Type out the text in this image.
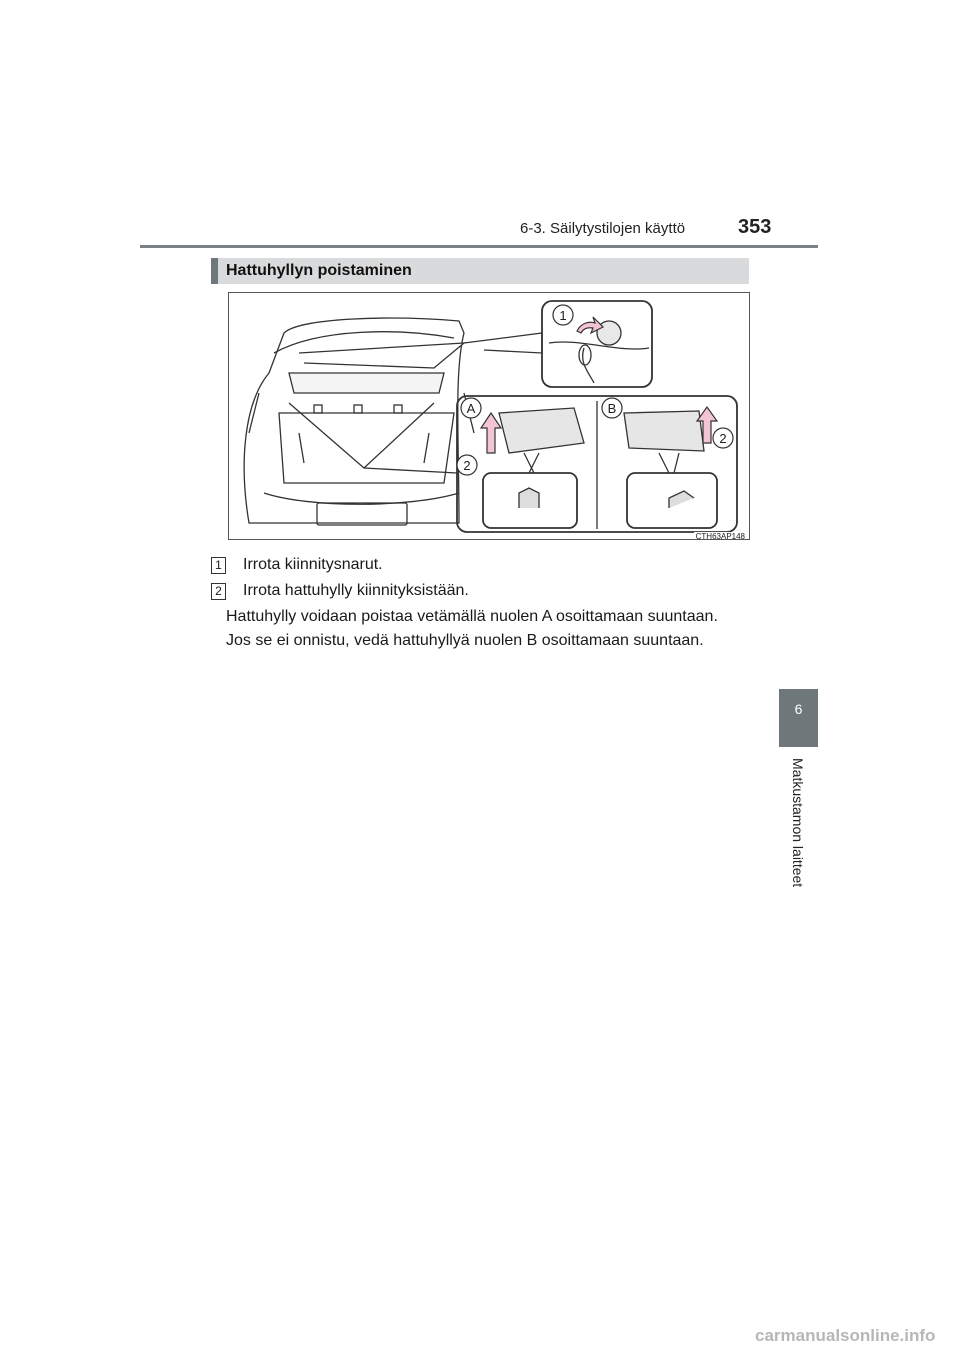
6-3. Säilytystilojen käyttö	353
6
Matkustamon laitteet
Hattuhyllyn poistaminen
1
A	B
2
2
CTH63AP148
1 Irrota kiinnitysnarut.
2 Irrota hattuhylly kiinnityksistään.
Hattuhylly voidaan poistaa vetämällä nuolen A osoittamaan suuntaan.
Jos se ei onnistu, vedä hattuhyllyä nuolen B osoittamaan suuntaan.
carmanualsonline.info
